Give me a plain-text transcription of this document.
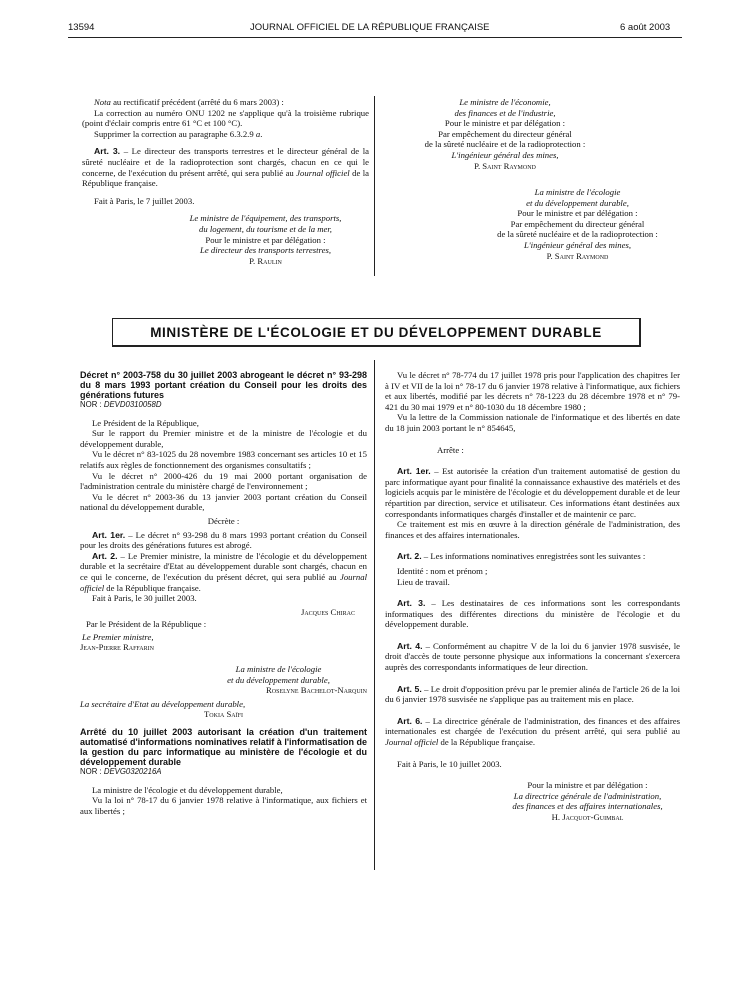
13594	JOURNAL OFFICIEL DE LA RÉPUBLIQUE FRANÇAISE	6 août 2003

Nota au rectificatif précédent (arrêté du 6 mars 2003) :

La correction au numéro ONU 1202 ne s'applique qu'à la troisième rubrique (point d'éclair compris entre 61 °C et 100 °C).

Supprimer la correction au paragraphe 6.3.2.9 a.

Art. 3. – Le directeur des transports terrestres et le directeur général de la sûreté nucléaire et de la radioprotection sont chargés, chacun en ce qui le concerne, de l'exécution du présent arrêté, qui sera publié au Journal officiel de la République française.

Fait à Paris, le 7 juillet 2003.

Le ministre de l'équipement, des transports,

du logement, du tourisme et de la mer,

Pour le ministre et par délégation :

Le directeur des transports terrestres,

P. Raulin

Le ministre de l'économie,

des finances et de l'industrie,

Pour le ministre et par délégation :

Par empêchement du directeur général

de la sûreté nucléaire et de la radioprotection :

L'ingénieur général des mines,

P. Saint Raymond

La ministre de l'écologie

et du développement durable,

Pour le ministre et par délégation :

Par empêchement du directeur général

de la sûreté nucléaire et de la radioprotection :

L'ingénieur général des mines,

P. Saint Raymond

MINISTÈRE DE L'ÉCOLOGIE ET DU DÉVELOPPEMENT DURABLE

Décret n° 2003-758 du 30 juillet 2003 abrogeant le décret n° 93-298 du 8 mars 1993 portant création du Conseil pour les droits des générations futures

NOR : DEVD0310058D

Le Président de la République,

Sur le rapport du Premier ministre et de la ministre de l'écologie et du développement durable,

Vu le décret n° 83-1025 du 28 novembre 1983 concernant ses articles 10 et 15 relatifs aux règles de fonctionnement des organismes consultatifs ;

Vu le décret n° 2000-426 du 19 mai 2000 portant organisation de l'administration centrale du ministère chargé de l'environnement ;

Vu le décret n° 2003-36 du 13 janvier 2003 portant création du Conseil national du développement durable,

Décrète :

Art. 1er. – Le décret n° 93-298 du 8 mars 1993 portant création du Conseil pour les droits des générations futures est abrogé.

Art. 2. – Le Premier ministre, la ministre de l'écologie et du développement durable et la secrétaire d'Etat au développement durable sont chargés, chacun en ce qui le concerne, de l'exécution du présent décret, qui sera publié au Journal officiel de la République française.

Fait à Paris, le 30 juillet 2003.

Jacques Chirac

Par le Président de la République :

Le Premier ministre,

Jean-Pierre Raffarin

La ministre de l'écologie

et du développement durable,

Roselyne Bachelot-Narquin

La secrétaire d'Etat au développement durable,

Tokia Saïfi

Arrêté du 10 juillet 2003 autorisant la création d'un traitement automatisé d'informations nominatives relatif à l'informatisation de la gestion du parc informatique au ministère de l'écologie et du développement durable

NOR : DEVG0320216A

La ministre de l'écologie et du développement durable,

Vu la loi n° 78-17 du 6 janvier 1978 relative à l'informatique, aux fichiers et aux libertés ;

Vu le décret n° 78-774 du 17 juillet 1978 pris pour l'application des chapitres Ier à IV et VII de la loi n° 78-17 du 6 janvier 1978 relative à l'informatique, aux fichiers et aux libertés, modifié par les décrets n° 78-1223 du 28 décembre 1978 et n° 79-421 du 30 mai 1979 et n° 80-1030 du 18 décembre 1980 ;

Vu la lettre de la Commission nationale de l'informatique et des libertés en date du 18 juin 2003 portant le n° 854645,

Arrête :

Art. 1er. – Est autorisée la création d'un traitement automatisé de gestion du parc informatique ayant pour finalité la connaissance exhaustive des matériels et des logiciels acquis par le ministère de l'écologie et du développement durable et de leur répartition par direction, service et utilisateur. Ces informations étant destinées aux correspondants informatiques chargés d'installer et de maintenir ce parc.

Ce traitement est mis en œuvre à la direction générale de l'administration, des finances et des affaires internationales.

Art. 2. – Les informations nominatives enregistrées sont les suivantes :

Identité : nom et prénom ;

Lieu de travail.

Art. 3. – Les destinataires de ces informations sont les correspondants informatiques des différentes directions du ministère de l'écologie et du développement durable.

Art. 4. – Conformément au chapitre V de la loi du 6 janvier 1978 susvisée, le droit d'accès de toute personne physique aux informations la concernant s'exercera auprès des correspondants informatiques de leur direction.

Art. 5. – Le droit d'opposition prévu par le premier alinéa de l'article 26 de la loi du 6 janvier 1978 susvisée ne s'applique pas au traitement mis en place.

Art. 6. – La directrice générale de l'administration, des finances et des affaires internationales est chargée de l'exécution du présent arrêté, qui sera publié au Journal officiel de la République française.

Fait à Paris, le 10 juillet 2003.

Pour la ministre et par délégation :

La directrice générale de l'administration,

des finances et des affaires internationales,

H. Jacquot-Guimbal
